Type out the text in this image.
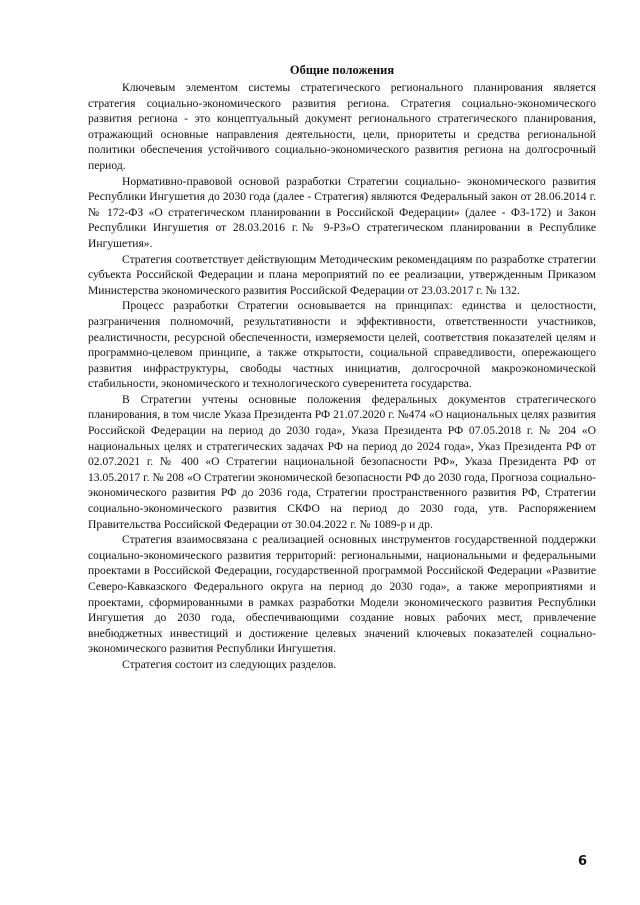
Общие положения

Ключевым элементом системы стратегического регионального планирования является стратегия социально-экономического развития региона. Стратегия социально-экономического развития региона - это концептуальный документ регионального стратегического планирования, отражающий основные направления деятельности, цели, приоритеты и средства региональной политики обеспечения устойчивого социально-экономического развития региона на долгосрочный период.

Нормативно-правовой основой разработки Стратегии социально- экономического развития Республики Ингушетия до 2030 года (далее - Стратегия) являются Федеральный закон от 28.06.2014 г. № 172-ФЗ «О стратегическом планировании в Российской Федерации» (далее - ФЗ-172) и Закон Республики Ингушетия от 28.03.2016 г.№ 9-РЗ»О стратегическом планировании в Республике Ингушетия».

Стратегия соответствует действующим Методическим рекомендациям по разработке стратегии субъекта Российской Федерации и плана мероприятий по ее реализации, утвержденным Приказом Министерства экономического развития Российской Федерации от 23.03.2017 г. № 132.

Процесс разработки Стратегии основывается на принципах: единства и целостности, разграничения полномочий, результативности и эффективности, ответственности участников, реалистичности, ресурсной обеспеченности, измеряемости целей, соответствия показателей целям и программно-целевом принципе, а также открытости, социальной справедливости, опережающего развития инфраструктуры, свободы частных инициатив, долгосрочной макроэкономической стабильности, экономического и технологического суверенитета государства.

В Стратегии учтены основные положения федеральных документов стратегического планирования, в том числе Указа Президента РФ 21.07.2020 г. №474 «О национальных целях развития Российской Федерации на период до 2030 года», Указа Президента РФ 07.05.2018 г. № 204 «О национальных целях и стратегических задачах РФ на период до 2024 года», Указ Президента РФ от 02.07.2021 г. № 400 «О Стратегии национальной безопасности РФ», Указа Президента РФ от 13.05.2017 г. № 208 «О Стратегии экономической безопасности РФ до 2030 года, Прогноза социально-экономического развития РФ до 2036 года, Стратегии пространственного развития РФ, Стратегии социально-экономического развития СКФО на период до 2030 года, утв. Распоряжением Правительства Российской Федерации от 30.04.2022 г. № 1089-р и др.

Стратегия взаимосвязана с реализацией основных инструментов государственной поддержки социально-экономического развития территорий: региональными, национальными и федеральными проектами в Российской Федерации, государственной программой Российской Федерации «Развитие Северо-Кавказского Федерального округа на период до 2030 года», а также мероприятиями и проектами, сформированными в рамках разработки Модели экономического развития Республики Ингушетия до 2030 года, обеспечивающими создание новых рабочих мест, привлечение внебюджетных инвестиций и достижение целевых значений ключевых показателей социально-экономического развития Республики Ингушетия.

Стратегия состоит из следующих разделов.

6
